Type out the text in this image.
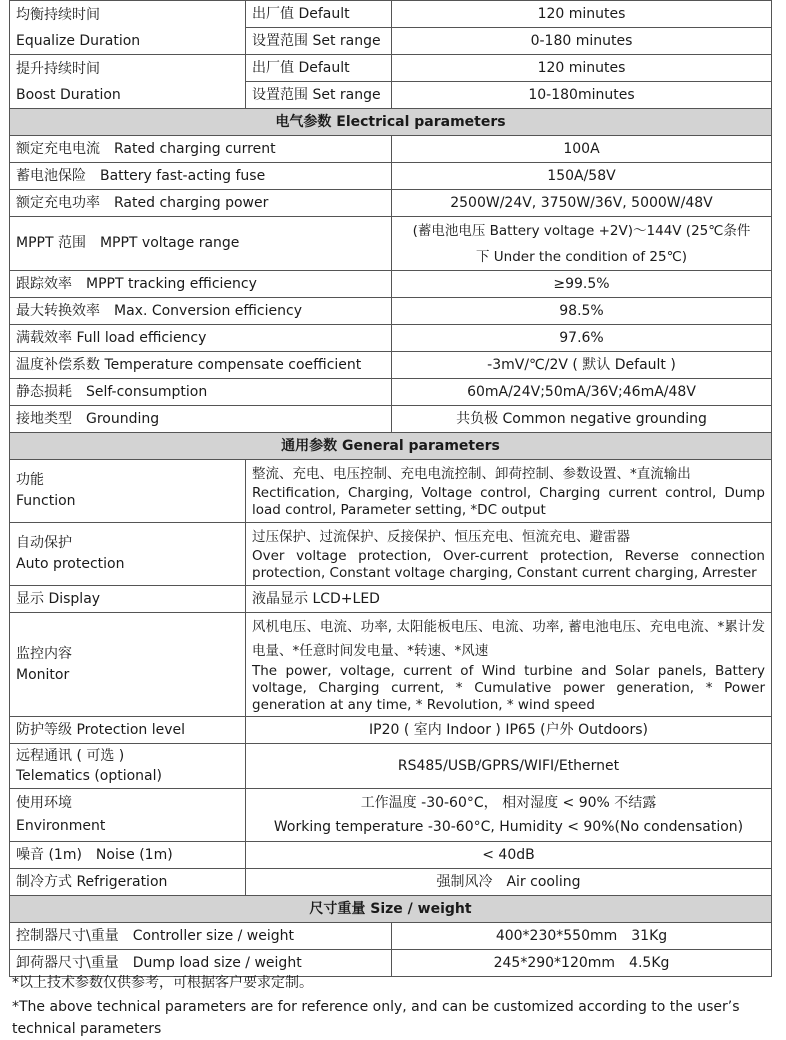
均衡持续时间
Equalize Duration	出厂值 Default	120 minutes
	设置范围 Set range	0-180 minutes

提升持续时间
Boost Duration	出厂值 Default	120 minutes
	设置范围 Set range	10-180minutes
电气参数 Electrical parameters		
额定充电电流　Rated charging current		100A
蓄电池保险　Battery fast-acting fuse		150A/58V
额定充电功率　Rated charging power		2500W/24V, 3750W/36V, 5000W/48V
MPPT 范围　MPPT voltage range		(蓄电池电压 Battery voltage +2V)～144V (25℃条件
下 Under the condition of 25℃)

跟踪效率　MPPT tracking efficiency		≥99.5%
最大转换效率　Max. Conversion efficiency		98.5%
满载效率 Full load efficiency		97.6%
温度补偿系数 Temperature compensate coefficient		-3mV/℃/2V ( 默认 Default )
静态损耗　Self-consumption		60mA/24V;50mA/36V;46mA/48V
接地类型　Grounding		共负极 Common negative grounding
通用参数 General parameters		

功能
Function	整流、充电、电压控制、充电电流控制、卸荷控制、参数设置、*直流输出
Rectification, Charging, Voltage control, Charging current control, Dump load control, Parameter setting, *DC output	

自动保护
Auto protection	过压保护、过流保护、反接保护、恒压充电、恒流充电、避雷器
Over voltage protection, Over-current protection, Reverse connection protection, Constant voltage charging, Constant current charging, Arrester	

显示 Display	液晶显示 LCD+LED	

监控内容
Monitor	风机电压、电流、功率, 太阳能板电压、电流、功率, 蓄电池电压、充电电流、*累计发电量、*任意时间发电量、*转速、*风速
The power, voltage, current of Wind turbine and Solar panels, Battery voltage, Charging current, * Cumulative power generation, * Power generation at any time, * Revolution, * wind speed	

防护等级 Protection level	IP20 ( 室内 Indoor ) IP65 (户外 Outdoors)	

远程通讯 ( 可选 )
Telematics (optional)	RS485/USB/GPRS/WIFI/Ethernet	

使用环境
Environment	工作温度 -30-60°C， 相对湿度 < 90% 不结露
Working temperature -30-60°C, Humidity < 90%(No condensation)	

噪音 (1m)　Noise (1m)	< 40dB	
制冷方式 Refrigeration	强制风冷　Air cooling	
尺寸重量 Size / weight		
控制器尺寸\重量　Controller size / weight		400*230*550mm　31Kg
卸荷器尺寸\重量　Dump load size / weight		245*290*120mm　4.5Kg
*以上技术参数仅供参考，可根据客户要求定制。
*The above technical parameters are for reference only, and can be customized according to the user’s technical parameters
